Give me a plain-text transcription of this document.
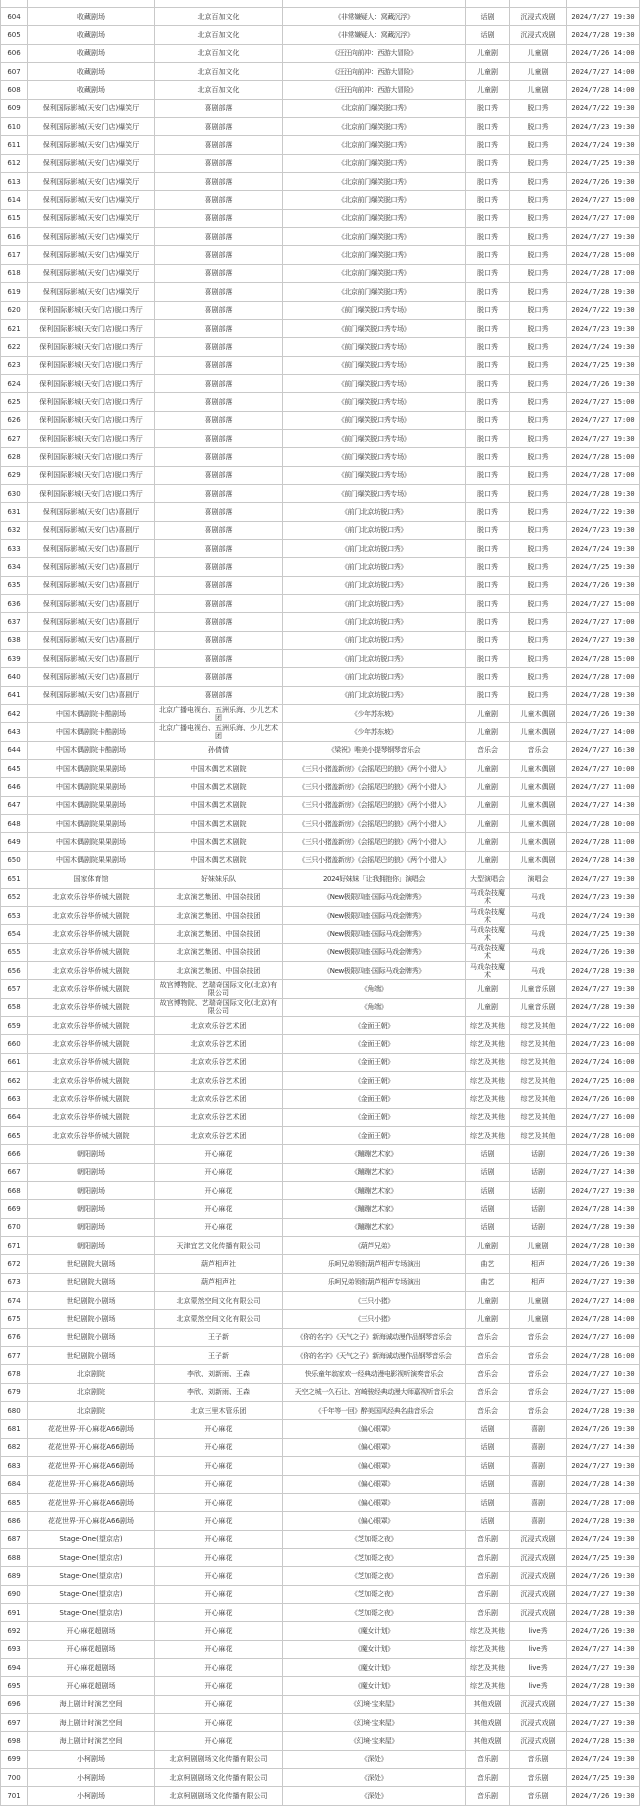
604	收藏剧场	北京百加文化	《非常嫌疑人：窝藏沉浮》	话剧	沉浸式戏剧 2024/7/27 19:30
605	收藏剧场	北京百加文化	《非常嫌疑人：窝藏沉浮》	话剧	沉浸式戏剧 2024/7/28 19:30
606	收藏剧场	北京百加文化	《汪汪向前冲：西游大冒险》	儿童剧	儿童剧	2024/7/26 14:00
607	收藏剧场	北京百加文化	《汪汪向前冲：西游大冒险》	儿童剧	儿童剧	2024/7/27 14:00
608	收藏剧场	北京百加文化	《汪汪向前冲：西游大冒险》	儿童剧	儿童剧	2024/7/28 14:00
609	保利国际影城(天安门店)爆笑厅	喜剧部落	《北京前门爆笑脱口秀》	脱口秀	脱口秀	2024/7/22 19:30
610	保利国际影城(天安门店)爆笑厅	喜剧部落	《北京前门爆笑脱口秀》	脱口秀	脱口秀	2024/7/23 19:30
611	保利国际影城(天安门店)爆笑厅	喜剧部落	《北京前门爆笑脱口秀》	脱口秀	脱口秀	2024/7/24 19:30
612	保利国际影城(天安门店)爆笑厅	喜剧部落	《北京前门爆笑脱口秀》	脱口秀	脱口秀	2024/7/25 19:30
613	保利国际影城(天安门店)爆笑厅	喜剧部落	《北京前门爆笑脱口秀》	脱口秀	脱口秀	2024/7/26 19:30
614	保利国际影城(天安门店)爆笑厅	喜剧部落	《北京前门爆笑脱口秀》	脱口秀	脱口秀	2024/7/27 15:00
615	保利国际影城(天安门店)爆笑厅	喜剧部落	《北京前门爆笑脱口秀》	脱口秀	脱口秀	2024/7/27 17:00
616	保利国际影城(天安门店)爆笑厅	喜剧部落	《北京前门爆笑脱口秀》	脱口秀	脱口秀	2024/7/27 19:30
617	保利国际影城(天安门店)爆笑厅	喜剧部落	《北京前门爆笑脱口秀》	脱口秀	脱口秀	2024/7/28 15:00
618	保利国际影城(天安门店)爆笑厅	喜剧部落	《北京前门爆笑脱口秀》	脱口秀	脱口秀	2024/7/28 17:00
619	保利国际影城(天安门店)爆笑厅	喜剧部落	《北京前门爆笑脱口秀》	脱口秀	脱口秀	2024/7/28 19:30
620	保利国际影城(天安门店)脱口秀厅	喜剧部落	《前门爆笑脱口秀专场》	脱口秀	脱口秀	2024/7/22 19:30
621	保利国际影城(天安门店)脱口秀厅	喜剧部落	《前门爆笑脱口秀专场》	脱口秀	脱口秀	2024/7/23 19:30
622	保利国际影城(天安门店)脱口秀厅	喜剧部落	《前门爆笑脱口秀专场》	脱口秀	脱口秀	2024/7/24 19:30
623	保利国际影城(天安门店)脱口秀厅	喜剧部落	《前门爆笑脱口秀专场》	脱口秀	脱口秀	2024/7/25 19:30
624	保利国际影城(天安门店)脱口秀厅	喜剧部落	《前门爆笑脱口秀专场》	脱口秀	脱口秀	2024/7/26 19:30
625	保利国际影城(天安门店)脱口秀厅	喜剧部落	《前门爆笑脱口秀专场》	脱口秀	脱口秀	2024/7/27 15:00
626	保利国际影城(天安门店)脱口秀厅	喜剧部落	《前门爆笑脱口秀专场》	脱口秀	脱口秀	2024/7/27 17:00
627	保利国际影城(天安门店)脱口秀厅	喜剧部落	《前门爆笑脱口秀专场》	脱口秀	脱口秀	2024/7/27 19:30
628	保利国际影城(天安门店)脱口秀厅	喜剧部落	《前门爆笑脱口秀专场》	脱口秀	脱口秀	2024/7/28 15:00
629	保利国际影城(天安门店)脱口秀厅	喜剧部落	《前门爆笑脱口秀专场》	脱口秀	脱口秀	2024/7/28 17:00
630	保利国际影城(天安门店)脱口秀厅	喜剧部落	《前门爆笑脱口秀专场》	脱口秀	脱口秀	2024/7/28 19:30
631	保利国际影城(天安门店)喜剧厅	喜剧部落	《前门北京坊脱口秀》	脱口秀	脱口秀	2024/7/22 19:30
632	保利国际影城(天安门店)喜剧厅	喜剧部落	《前门北京坊脱口秀》	脱口秀	脱口秀	2024/7/23 19:30
633	保利国际影城(天安门店)喜剧厅	喜剧部落	《前门北京坊脱口秀》	脱口秀	脱口秀	2024/7/24 19:30
634	保利国际影城(天安门店)喜剧厅	喜剧部落	《前门北京坊脱口秀》	脱口秀	脱口秀	2024/7/25 19:30
635	保利国际影城(天安门店)喜剧厅	喜剧部落	《前门北京坊脱口秀》	脱口秀	脱口秀	2024/7/26 19:30
636	保利国际影城(天安门店)喜剧厅	喜剧部落	《前门北京坊脱口秀》	脱口秀	脱口秀	2024/7/27 15:00
637	保利国际影城(天安门店)喜剧厅	喜剧部落	《前门北京坊脱口秀》	脱口秀	脱口秀	2024/7/27 17:00
638	保利国际影城(天安门店)喜剧厅	喜剧部落	《前门北京坊脱口秀》	脱口秀	脱口秀	2024/7/27 19:30
639	保利国际影城(天安门店)喜剧厅	喜剧部落	《前门北京坊脱口秀》	脱口秀	脱口秀	2024/7/28 15:00
640	保利国际影城(天安门店)喜剧厅	喜剧部落	《前门北京坊脱口秀》	脱口秀	脱口秀	2024/7/28 17:00
641	保利国际影城(天安门店)喜剧厅	喜剧部落	《前门北京坊脱口秀》	脱口秀	脱口秀	2024/7/28 19:30
642	中国木偶剧院卡酷剧场	北京广播电视台、五洲乐海、少儿艺术团	《少年苏东坡》	儿童剧	儿童木偶剧 2024/7/26 19:30
643	中国木偶剧院卡酷剧场	北京广播电视台、五洲乐海、少儿艺术团	《少年苏东坡》	儿童剧	儿童木偶剧 2024/7/27 14:00
644	中国木偶剧院卡酷剧场	孙倩倩	《梁祝》唯美小提琴钢琴音乐会	音乐会	音乐会	2024/7/27 16:30
645	中国木偶剧院果果剧场	中国木偶艺术剧院	《三只小猪盖新房》《会摇尾巴的狼》《两个小猎人》	儿童剧	儿童木偶剧 2024/7/27 10:00
646	中国木偶剧院果果剧场	中国木偶艺术剧院	《三只小猪盖新房》《会摇尾巴的狼》《两个小猎人》	儿童剧	儿童木偶剧 2024/7/27 11:00
647	中国木偶剧院果果剧场	中国木偶艺术剧院	《三只小猪盖新房》《会摇尾巴的狼》《两个小猎人》	儿童剧	儿童木偶剧 2024/7/27 14:30
648	中国木偶剧院果果剧场	中国木偶艺术剧院	《三只小猪盖新房》《会摇尾巴的狼》《两个小猎人》	儿童剧	儿童木偶剧 2024/7/28 10:00
649	中国木偶剧院果果剧场	中国木偶艺术剧院	《三只小猪盖新房》《会摇尾巴的狼》《两个小猎人》	儿童剧	儿童木偶剧 2024/7/28 11:00
650	中国木偶剧院果果剧场	中国木偶艺术剧院	《三只小猪盖新房》《会摇尾巴的狼》《两个小猎人》	儿童剧	儿童木偶剧 2024/7/28 14:30
651	国家体育馆	好妹妹乐队	2024好妹妹「让我拥抱你」演唱会	大型演唱会	演唱会	2024/7/27 19:30
652	北京欢乐谷华侨城大剧院	北京演艺集团、中国杂技团	《New极限四座·国际马戏金牌秀》	马戏杂技魔术	马戏	2024/7/23 19:30
653	北京欢乐谷华侨城大剧院	北京演艺集团、中国杂技团	《New极限四座·国际马戏金牌秀》	马戏杂技魔术	马戏	2024/7/24 19:30
654	北京欢乐谷华侨城大剧院	北京演艺集团、中国杂技团	《New极限四座·国际马戏金牌秀》	马戏杂技魔术	马戏	2024/7/25 19:30
655	北京欢乐谷华侨城大剧院	北京演艺集团、中国杂技团	《New极限四座·国际马戏金牌秀》	马戏杂技魔术	马戏	2024/7/26 19:30
656	北京欢乐谷华侨城大剧院	北京演艺集团、中国杂技团	《New极限四座·国际马戏金牌秀》	马戏杂技魔术	马戏	2024/7/28 19:30
657	北京欢乐谷华侨城大剧院	故宫博物院、艺瑞奇国际文化(北京)有限公司	《角端》	儿童剧	儿童音乐剧 2024/7/27 19:30
658	北京欢乐谷华侨城大剧院	故宫博物院、艺瑞奇国际文化(北京)有限公司	《角端》	儿童剧	儿童音乐剧 2024/7/28 19:30
659	北京欢乐谷华侨城大剧院	北京欢乐谷艺术团	《金面王朝》	综艺及其他 综艺及其他 2024/7/22 16:00
660	北京欢乐谷华侨城大剧院	北京欢乐谷艺术团	《金面王朝》	综艺及其他 综艺及其他 2024/7/23 16:00
661	北京欢乐谷华侨城大剧院	北京欢乐谷艺术团	《金面王朝》	综艺及其他 综艺及其他 2024/7/24 16:00
662	北京欢乐谷华侨城大剧院	北京欢乐谷艺术团	《金面王朝》	综艺及其他 综艺及其他 2024/7/25 16:00
663	北京欢乐谷华侨城大剧院	北京欢乐谷艺术团	《金面王朝》	综艺及其他 综艺及其他 2024/7/26 16:00
664	北京欢乐谷华侨城大剧院	北京欢乐谷艺术团	《金面王朝》	综艺及其他 综艺及其他 2024/7/27 16:00
665	北京欢乐谷华侨城大剧院	北京欢乐谷艺术团	《金面王朝》	综艺及其他 综艺及其他 2024/7/28 16:00
666	朝阳剧场	开心麻花	《蹦蹦艺术家》	话剧	话剧	2024/7/26 19:30
667	朝阳剧场	开心麻花	《蹦蹦艺术家》	话剧	话剧	2024/7/27 14:30
668	朝阳剧场	开心麻花	《蹦蹦艺术家》	话剧	话剧	2024/7/27 19:30
669	朝阳剧场	开心麻花	《蹦蹦艺术家》	话剧	话剧	2024/7/28 14:30
670	朝阳剧场	开心麻花	《蹦蹦艺术家》	话剧	话剧	2024/7/28 19:30
671	朝阳剧场	天津宜艺文化传播有限公司	《葫芦兄弟》	儿童剧	儿童剧	2024/7/28 10:30
672	世纪剧院大剧场	葫芦相声社	乐呵兄弟领衔葫芦相声专场演出	曲艺	相声	2024/7/26 19:30
673	世纪剧院大剧场	葫芦相声社	乐呵兄弟领衔葫芦相声专场演出	曲艺	相声	2024/7/27 19:30
674	世纪剧院小剧场	北京蒙然空间文化有限公司	《三只小猪》	儿童剧	儿童剧	2024/7/27 14:00
675	世纪剧院小剧场	北京蒙然空间文化有限公司	《三只小猪》	儿童剧	儿童剧	2024/7/28 14:00
676	世纪剧院小剧场	王子新	《你的名字》《天气之子》新海诚动漫作品钢琴音乐会	音乐会	音乐会	2024/7/27 16:00
677	世纪剧院小剧场	王子新	《你的名字》《天气之子》新海诚动漫作品钢琴音乐会	音乐会	音乐会	2024/7/28 16:00
678	北京剧院	李欣、刘新雨、王森	快乐童年翁家欢一经典动漫电影视听演奏音乐会	音乐会	音乐会	2024/7/27 10:30
679	北京剧院	李欣、刘新雨、王森	天空之城一久石让、宫崎骏经典动漫大师嘉视听音乐会	音乐会	音乐会	2024/7/27 15:00
680	北京剧院	北京三里木管乐团	《千年等一回》醉美国风经典名曲音乐会	音乐会	音乐会	2024/7/28 19:30
681	花花世界·开心麻花A66剧场	开心麻花	《偏心眼罩》	话剧	喜剧	2024/7/26 19:30
682	花花世界·开心麻花A66剧场	开心麻花	《偏心眼罩》	话剧	喜剧	2024/7/27 14:30
683	花花世界·开心麻花A66剧场	开心麻花	《偏心眼罩》	话剧	喜剧	2024/7/27 19:30
684	花花世界·开心麻花A66剧场	开心麻花	《偏心眼罩》	话剧	喜剧	2024/7/28 14:30
685	花花世界·开心麻花A66剧场	开心麻花	《偏心眼罩》	话剧	喜剧	2024/7/28 17:00
686	花花世界·开心麻花A66剧场	开心麻花	《偏心眼罩》	话剧	喜剧	2024/7/28 19:30
687	Stage·One(望京店)	开心麻花	《芝加哥之夜》	音乐剧	沉浸式戏剧 2024/7/24 19:30
688	Stage·One(望京店)	开心麻花	《芝加哥之夜》	音乐剧	沉浸式戏剧 2024/7/25 19:30
689	Stage·One(望京店)	开心麻花	《芝加哥之夜》	音乐剧	沉浸式戏剧 2024/7/26 19:30
690	Stage·One(望京店)	开心麻花	《芝加哥之夜》	音乐剧	沉浸式戏剧 2024/7/27 19:30
691	Stage·One(望京店)	开心麻花	《芝加哥之夜》	音乐剧	沉浸式戏剧 2024/7/28 19:30
692	开心麻花超剧场	开心麻花	《魔女计划》	综艺及其他	live秀	2024/7/26 19:30
693	开心麻花超剧场	开心麻花	《魔女计划》	综艺及其他	live秀	2024/7/27 14:30
694	开心麻花超剧场	开心麻花	《魔女计划》	综艺及其他	live秀	2024/7/27 19:30
695	开心麻花超剧场	开心麻花	《魔女计划》	综艺及其他	live秀	2024/7/28 19:30
696	海上剧计时演艺空间	开心麻花	《幻境·宝来屋》	其他戏剧	沉浸式戏剧 2024/7/27 15:30
697	海上剧计时演艺空间	开心麻花	《幻境·宝来屋》	其他戏剧	沉浸式戏剧 2024/7/27 19:30
698	海上剧计时演艺空间	开心麻花	《幻境·宝来屋》	其他戏剧	沉浸式戏剧 2024/7/28 15:30
699	小柯剧场	北京柯剧剧场文化传播有限公司	《深处》	音乐剧	音乐剧	2024/7/24 19:30
700	小柯剧场	北京柯剧剧场文化传播有限公司	《深处》	音乐剧	音乐剧	2024/7/25 19:30
701	小柯剧场	北京柯剧剧场文化传播有限公司	《深处》	音乐剧	音乐剧	2024/7/26 19:30
